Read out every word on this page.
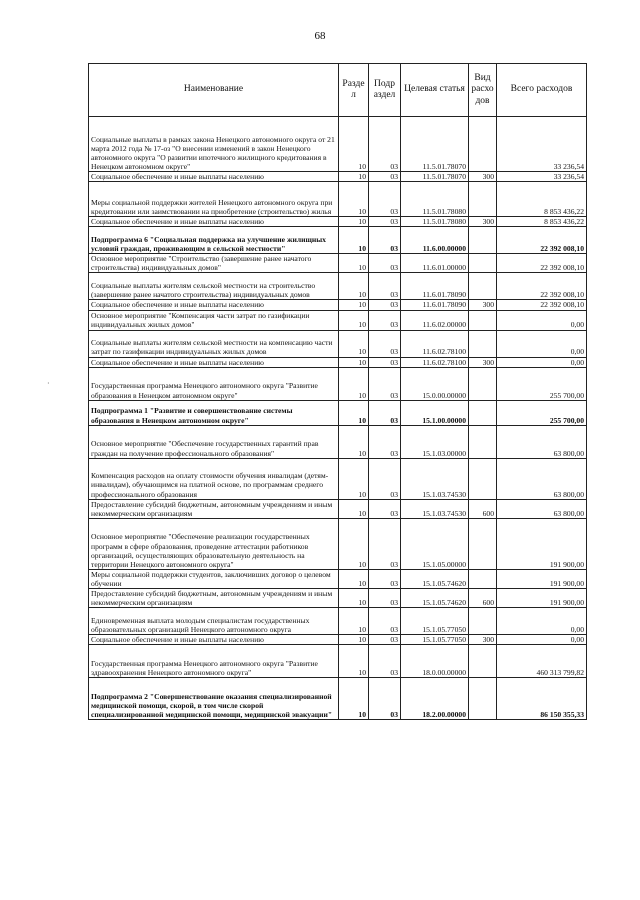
68
·
Наименование	Разде л	Подр аздел	Целевая статья	Вид расхо дов	Всего расходов
Социальные выплаты в рамках закона Ненецкого автономного округа от 21 марта 2012 года № 17-оз "О внесении изменений в закон Ненецкого автономного округа "О развитии ипотечного жилищного кредитования в Ненецком автономном округе"	10	03	11.5.01.78070		33 236,54
Социальное обеспечение и иные выплаты населению	10	03	11.5.01.78070	300	33 236,54
Меры социальной поддержки жителей Ненецкого автономного округа при кредитовании или заимствовании на приобретение (строительство) жилья	10	03	11.5.01.78080		8 853 436,22
Социальное обеспечение и иные выплаты населению	10	03	11.5.01.78080	300	8 853 436,22
Подпрограмма 6 "Социальная поддержка на улучшение жилищных условий граждан, проживающим в сельской местности"	10	03	11.6.00.00000		22 392 008,10
Основное мероприятие "Строительство (завершение ранее начатого строительства) индивидуальных домов"	10	03	11.6.01.00000		22 392 008,10
Социальные выплаты жителям сельской местности на строительство (завершение ранее начатого строительства) индивидуальных домов	10	03	11.6.01.78090		22 392 008,10
Социальное обеспечение и иные выплаты населению	10	03	11.6.01.78090	300	22 392 008,10
Основное мероприятие "Компенсация части затрат по газификации индивидуальных жилых домов"	10	03	11.6.02.00000		0,00
Социальные выплаты жителям сельской местности на компенсацию части затрат по газификации индивидуальных жилых домов	10	03	11.6.02.78100		0,00
Социальное обеспечение и иные выплаты населению	10	03	11.6.02.78100	300	0,00
Государственная программа Ненецкого автономного округа "Развитие образования в Ненецком автономном округе"	10	03	15.0.00.00000		255 700,00
Подпрограмма 1 "Развитие и совершенствование системы образования в Ненецком автономном округе"	10	03	15.1.00.00000		255 700,00
Основное мероприятие "Обеспечение государственных гарантий прав граждан на получение профессионального образования"	10	03	15.1.03.00000		63 800,00
Компенсация расходов на оплату стоимости обучения инвалидам (детям-инвалидам), обучающимся на платной основе, по программам среднего профессионального образования	10	03	15.1.03.74530		63 800,00
Предоставление субсидий бюджетным, автономным учреждениям и иным некоммерческим организациям	10	03	15.1.03.74530	600	63 800,00
Основное мероприятие "Обеспечение реализации государственных программ в сфере образования, проведение аттестации работников организаций, осуществляющих образовательную деятельность на территории Ненецкого автономного округа"	10	03	15.1.05.00000		191 900,00
Меры социальной поддержки студентов, заключивших договор о целевом обучении	10	03	15.1.05.74620		191 900,00
Предоставление субсидий бюджетным, автономным учреждениям и иным некоммерческим организациям	10	03	15.1.05.74620	600	191 900,00
Единовременная выплата молодым специалистам государственных образовательных организаций Ненецкого автономного округа	10	03	15.1.05.77050		0,00
Социальное обеспечение и иные выплаты населению	10	03	15.1.05.77050	300	0,00
Государственная программа Ненецкого автономного округа "Развитие здравоохранения Ненецкого автономного округа"	10	03	18.0.00.00000		460 313 799,82
Подпрограмма 2 "Совершенствование оказания специализированной медицинской помощи, скорой, в том числе скорой специализированной медицинской помощи, медицинской эвакуации"	10	03	18.2.00.00000		86 150 355,33
